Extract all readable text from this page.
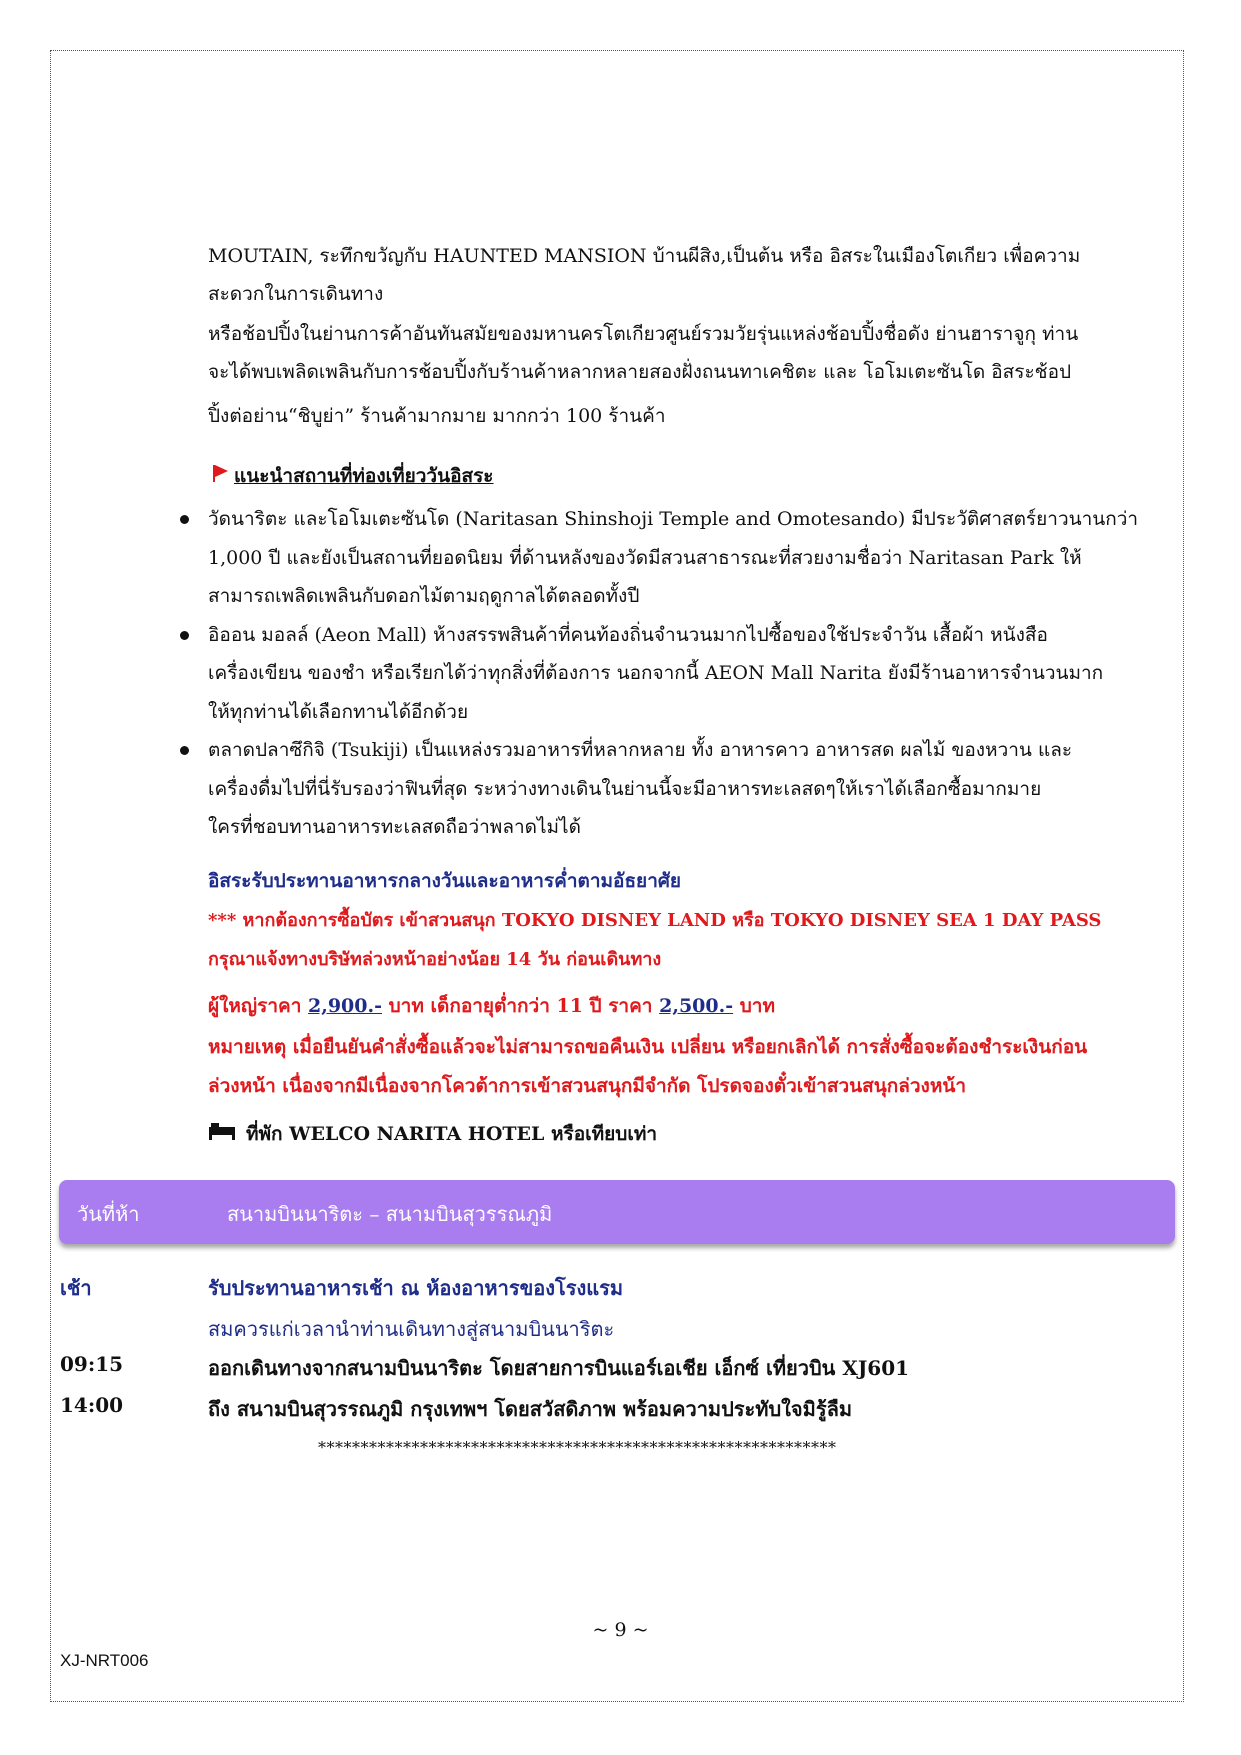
MOUTAIN, ระทึกขวัญกับ HAUNTED MANSION บ้านผีสิง,เป็นต้น หรือ อิสระในเมืองโตเกียว เพื่อความ
สะดวกในการเดินทาง
หรือช้อปปิ้งในย่านการค้าอันทันสมัยของมหานครโตเกียวศูนย์รวมวัยรุ่นแหล่งช้อบปิ้งชื่อดัง ย่านฮาราจูกุ ท่าน
จะได้พบเพลิดเพลินกับการช้อบปิ้งกับร้านค้าหลากหลายสองฝั่งถนนทาเคชิตะ และ โอโมเตะซันโด อิสระช้อป
ปิ้งต่อย่าน“ชิบูย่า” ร้านค้ามากมาย มากกว่า 100 ร้านค้า
แนะนำสถานที่ท่องเที่ยววันอิสระ
วัดนาริตะ และโอโมเตะซันโด (Naritasan Shinshoji Temple and Omotesando) มีประวัติศาสตร์ยาวนานกว่า
1,000 ปี และยังเป็นสถานที่ยอดนิยม ที่ด้านหลังของวัดมีสวนสาธารณะที่สวยงามชื่อว่า Naritasan Park ให้
สามารถเพลิดเพลินกับดอกไม้ตามฤดูกาลได้ตลอดทั้งปี
อิออน มอลล์ (Aeon Mall) ห้างสรรพสินค้าที่คนท้องถิ่นจำนวนมากไปซื้อของใช้ประจำวัน เสื้อผ้า หนังสือ
เครื่องเขียน ของชำ หรือเรียกได้ว่าทุกสิ่งที่ต้องการ นอกจากนี้ AEON Mall Narita ยังมีร้านอาหารจำนวนมาก
ให้ทุกท่านได้เลือกทานได้อีกด้วย
ตลาดปลาซึกิจิ (Tsukiji) เป็นแหล่งรวมอาหารที่หลากหลาย ทั้ง อาหารคาว อาหารสด ผลไม้ ของหวาน และ
เครื่องดื่มไปที่นี่รับรองว่าฟินที่สุด ระหว่างทางเดินในย่านนี้จะมีอาหารทะเลสดๆให้เราได้เลือกซื้อมากมาย
ใครที่ชอบทานอาหารทะเลสดถือว่าพลาดไม่ได้
อิสระรับประทานอาหารกลางวันและอาหารค่ำตามอัธยาศัย
*** หากต้องการซื้อบัตร เข้าสวนสนุก TOKYO DISNEY LAND หรือ TOKYO DISNEY SEA 1 DAY PASS
กรุณาแจ้งทางบริษัทล่วงหน้าอย่างน้อย 14 วัน ก่อนเดินทาง
ผู้ใหญ่ราคา 2,900.- บาท เด็กอายุต่ำกว่า 11 ปี ราคา 2,500.- บาท
หมายเหตุ เมื่อยืนยันคำสั่งซื้อแล้วจะไม่สามารถขอคืนเงิน เปลี่ยน หรือยกเลิกได้ การสั่งซื้อจะต้องชำระเงินก่อน
ล่วงหน้า เนื่องจากมีเนื่องจากโควต้าการเข้าสวนสนุกมีจำกัด โปรดจองตั๋วเข้าสวนสนุกล่วงหน้า
ที่พัก WELCO NARITA HOTEL หรือเทียบเท่า
วันที่ห้า	สนามบินนาริตะ – สนามบินสุวรรณภูมิ
เช้า	รับประทานอาหารเช้า ณ ห้องอาหารของโรงแรม
สมควรแก่เวลานำท่านเดินทางสู่สนามบินนาริตะ
09:15	ออกเดินทางจากสนามบินนาริตะ โดยสายการบินแอร์เอเชีย เอ็กซ์ เที่ยวบิน XJ601
14:00	ถึง สนามบินสุวรรณภูมิ กรุงเทพฯ โดยสวัสดิภาพ พร้อมความประทับใจมิรู้ลืม
*************************************************************
~ 9 ~
XJ-NRT006
